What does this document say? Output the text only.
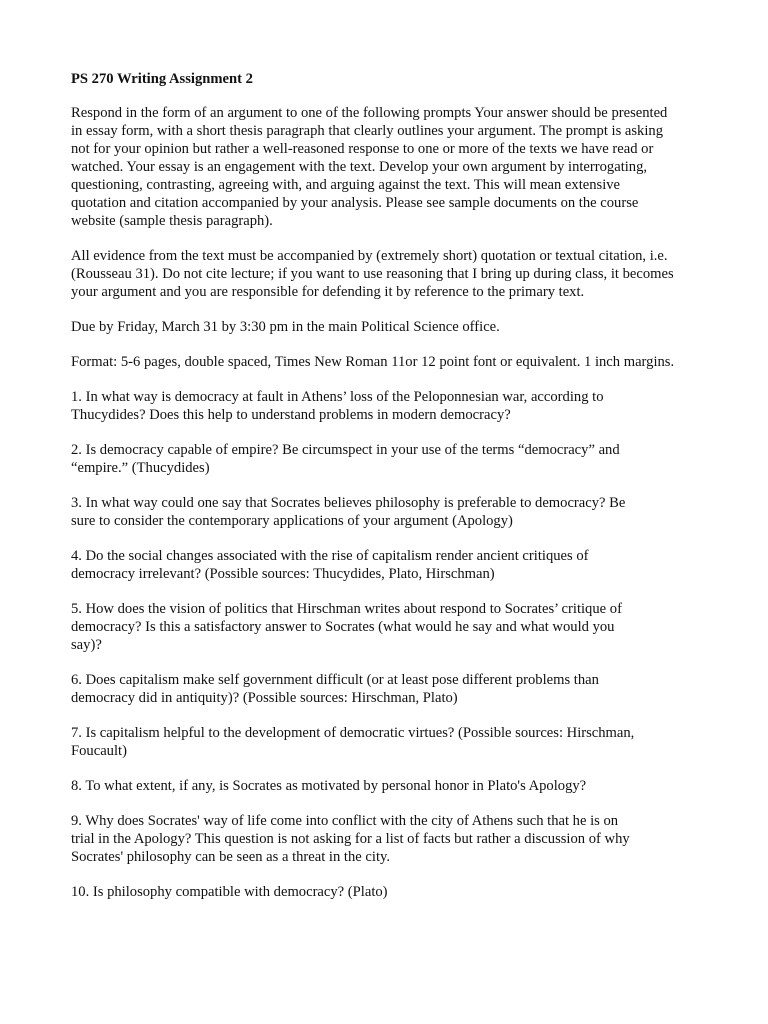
PS 270 Writing Assignment 2
Respond in the form of an argument to one of the following prompts Your answer should be presented
in essay form, with a short thesis paragraph that clearly outlines your argument. The prompt is asking
not for your opinion but rather a well-reasoned response to one or more of the texts we have read or
watched. Your essay is an engagement with the text. Develop your own argument by interrogating,
questioning, contrasting, agreeing with, and arguing against the text. This will mean extensive
quotation and citation accompanied by your analysis. Please see sample documents on the course
website (sample thesis paragraph).
All evidence from the text must be accompanied by (extremely short) quotation or textual citation, i.e.
(Rousseau 31). Do not cite lecture; if you want to use reasoning that I bring up during class, it becomes
your argument and you are responsible for defending it by reference to the primary text.
Due by Friday, March 31 by 3:30 pm in the main Political Science office.
Format: 5-6 pages, double spaced, Times New Roman 11or 12 point font or equivalent. 1 inch margins.
1. In what way is democracy at fault in Athens’ loss of the Peloponnesian war, according to
Thucydides? Does this help to understand problems in modern democracy?
2. Is democracy capable of empire? Be circumspect in your use of the terms “democracy” and
“empire.” (Thucydides)
3. In what way could one say that Socrates believes philosophy is preferable to democracy? Be
sure to consider the contemporary applications of your argument (Apology)
4. Do the social changes associated with the rise of capitalism render ancient critiques of
democracy irrelevant? (Possible sources: Thucydides, Plato, Hirschman)
5. How does the vision of politics that Hirschman writes about respond to Socrates’ critique of
democracy? Is this a satisfactory answer to Socrates (what would he say and what would you
say)?
6. Does capitalism make self government difficult (or at least pose different problems than
democracy did in antiquity)? (Possible sources: Hirschman, Plato)
7. Is capitalism helpful to the development of democratic virtues? (Possible sources: Hirschman,
Foucault)
8. To what extent, if any, is Socrates as motivated by personal honor in Plato's Apology?
9. Why does Socrates' way of life come into conflict with the city of Athens such that he is on
trial in the Apology? This question is not asking for a list of facts but rather a discussion of why
Socrates' philosophy can be seen as a threat in the city.
10. Is philosophy compatible with democracy? (Plato)
